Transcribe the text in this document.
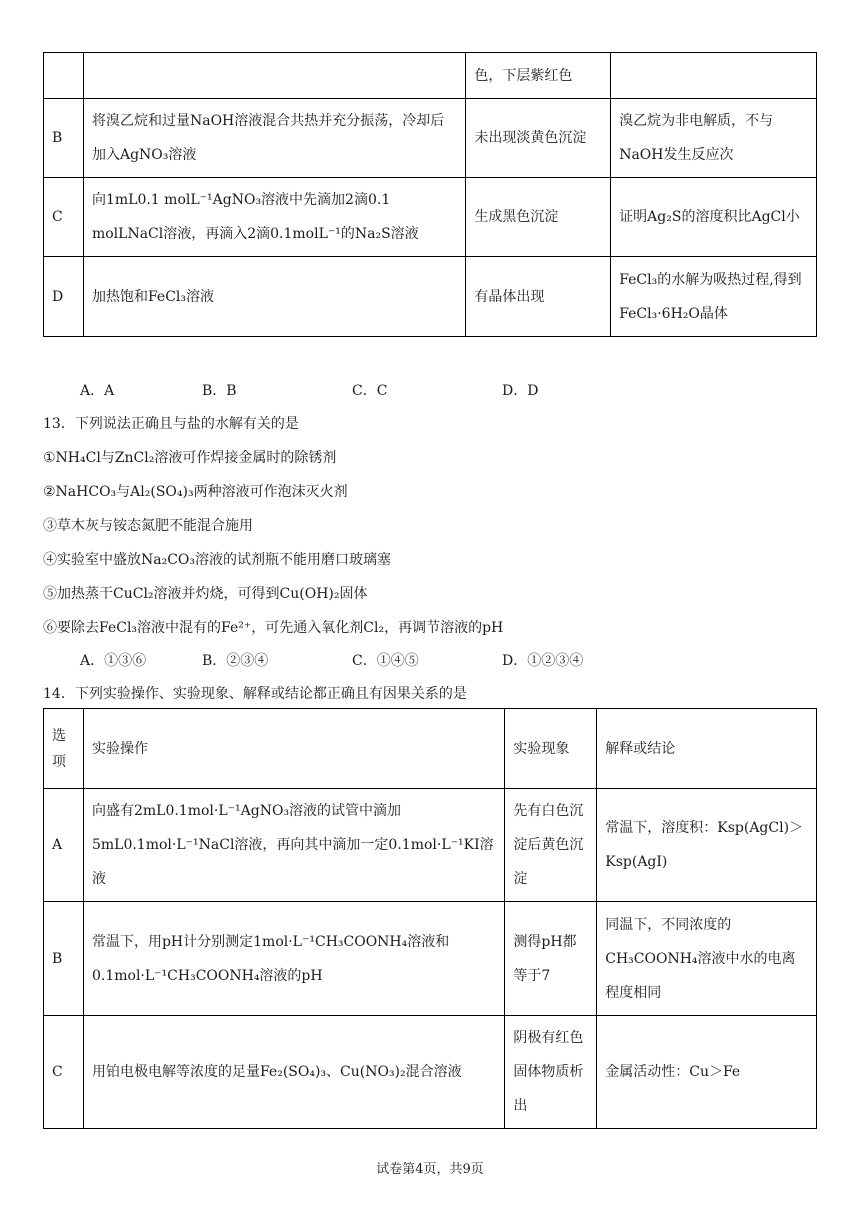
		色，下层紫红色	
B	将溴乙烷和过量NaOH溶液混合共热并充分振荡，冷却后加入AgNO₃溶液	未出现淡黄色沉淀	溴乙烷为非电解质，不与NaOH发生反应次
C	向1mL0.1 molL⁻¹AgNO₃溶液中先滴加2滴0.1 molLNaCl溶液，再滴入2滴0.1molL⁻¹的Na₂S溶液	生成黑色沉淀	证明Ag₂S的溶度积比AgCl小
D	加热饱和FeCl₃溶液	有晶体出现	FeCl₃的水解为吸热过程,得到FeCl₃·6H₂O晶体
A．A	B．B	C．C	D．D
13．下列说法正确且与盐的水解有关的是
①NH₄Cl与ZnCl₂溶液可作焊接金属时的除锈剂
②NaHCO₃与Al₂(SO₄)₃两种溶液可作泡沫灭火剂
③草木灰与铵态氮肥不能混合施用
④实验室中盛放Na₂CO₃溶液的试剂瓶不能用磨口玻璃塞
⑤加热蒸干CuCl₂溶液并灼烧，可得到Cu(OH)₂固体
⑥要除去FeCl₃溶液中混有的Fe²⁺，可先通入氧化剂Cl₂，再调节溶液的pH
A．①③⑥	B．②③④	C．①④⑤	D．①②③④
14．下列实验操作、实验现象、解释或结论都正确且有因果关系的是
选项	实验操作	实验现象	解释或结论
A	向盛有2mL0.1mol·L⁻¹AgNO₃溶液的试管中滴加5mL0.1mol·L⁻¹NaCl溶液，再向其中滴加一定0.1mol·L⁻¹KI溶液	先有白色沉淀后黄色沉淀	常温下，溶度积：Ksp(AgCl)＞Ksp(AgI)
B	常温下，用pH计分别测定1mol·L⁻¹CH₃COONH₄溶液和0.1mol·L⁻¹CH₃COONH₄溶液的pH	测得pH都等于7	同温下，不同浓度的CH₃COONH₄溶液中水的电离程度相同
C	用铂电极电解等浓度的足量Fe₂(SO₄)₃、Cu(NO₃)₂混合溶液	阴极有红色固体物质析出	金属活动性：Cu＞Fe
试卷第4页，共9页
